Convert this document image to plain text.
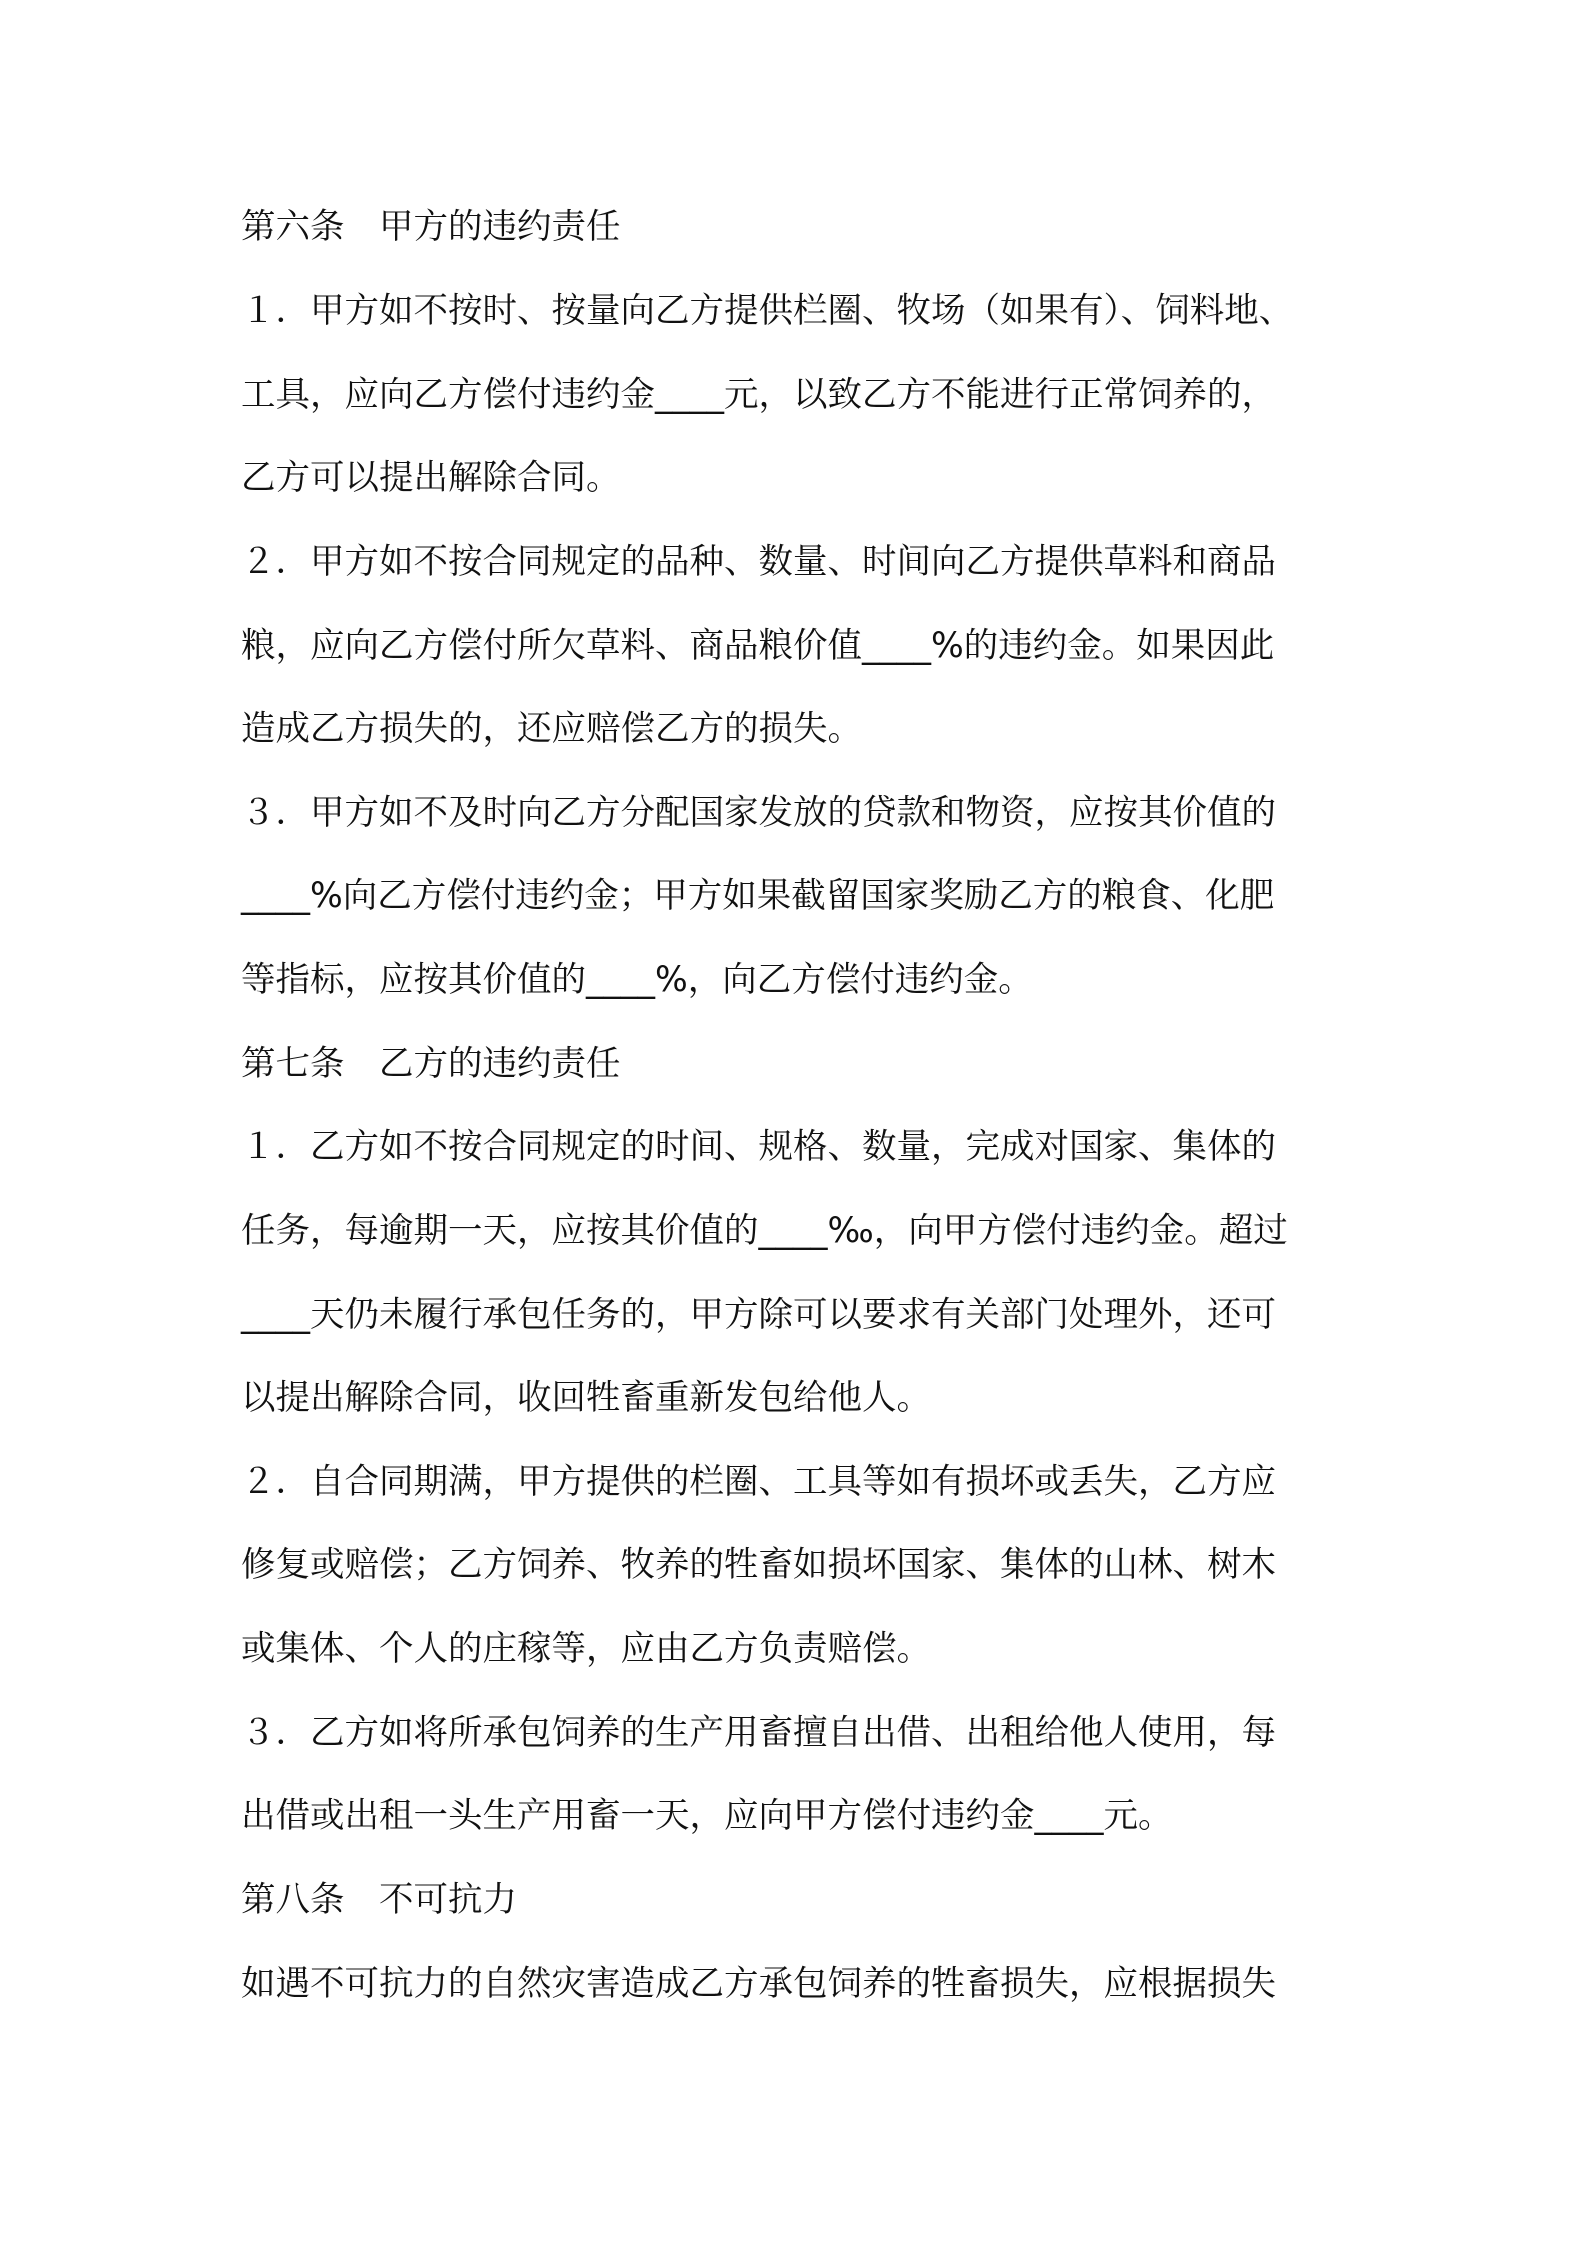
第六条　甲方的违约责任

１．甲方如不按时、按量向乙方提供栏圈、牧场（如果有）、饲料地、

工具，应向乙方偿付违约金____元，以致乙方不能进行正常饲养的，

乙方可以提出解除合同。

２．甲方如不按合同规定的品种、数量、时间向乙方提供草料和商品

粮，应向乙方偿付所欠草料、商品粮价值____%的违约金。如果因此

造成乙方损失的，还应赔偿乙方的损失。

３．甲方如不及时向乙方分配国家发放的贷款和物资，应按其价值的

____%向乙方偿付违约金；甲方如果截留国家奖励乙方的粮食、化肥

等指标，应按其价值的____%，向乙方偿付违约金。

第七条　乙方的违约责任

１．乙方如不按合同规定的时间、规格、数量，完成对国家、集体的

任务，每逾期一天，应按其价值的____‰，向甲方偿付违约金。超过

____天仍未履行承包任务的，甲方除可以要求有关部门处理外，还可

以提出解除合同，收回牲畜重新发包给他人。

２．自合同期满，甲方提供的栏圈、工具等如有损坏或丢失，乙方应

修复或赔偿；乙方饲养、牧养的牲畜如损坏国家、集体的山林、树木

或集体、个人的庄稼等，应由乙方负责赔偿。

３．乙方如将所承包饲养的生产用畜擅自出借、出租给他人使用，每

出借或出租一头生产用畜一天，应向甲方偿付违约金____元。

第八条　不可抗力

如遇不可抗力的自然灾害造成乙方承包饲养的牲畜损失，应根据损失
